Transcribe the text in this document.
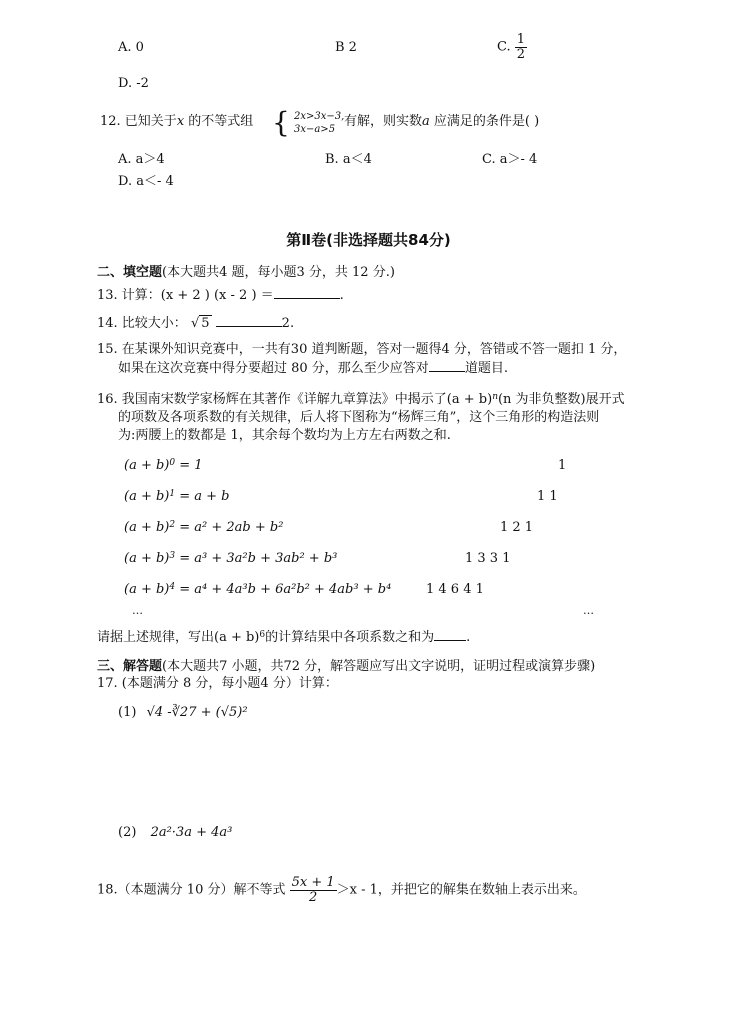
A. 0	B 2	C. $\frac{1}{2}$
D. -2
12. 已知关于x 的不等式组 { 2x>3x−3,
3x−a>5
有解，则实数a 应满足的条件是( )
A. a＞4	B. a＜4	C. a＞- 4
D. a＜- 4
第Ⅱ卷(非选择题共84分)
二、填空题(本大题共4 题，每小题3 分，共 12 分.)
13. 计算：(x + 2 ) (x - 2 ) ＝	.
14. 比较大小： √ 5	2.
15. 在某课外知识竞赛中，一共有30 道判断题，答对一题得4 分，答错或不答一题扣 1 分，
如果在这次竞赛中得分要超过 80 分，那么至少应答对	道题目.
16. 我国南宋数学家杨辉在其著作《详解九章算法》中揭示了$(a + b)^n(n$ 为非负整数)展开式
的项数及各项系数的有关规律，后人将下图称为“杨辉三角”，这个三角形的构造法则
为:两腰上的数都是 1，其余每个数均为上方左右两数之和.
$(a + b)^0 = 1$	1
$(a + b)^1 = a + b$	1 1
$(a + b)^2 = a^2 + 2ab + b^2$	1 2 1
$(a + b)^3 = a^3 + 3a^2b + 3ab^2 + b^3$	1 3 3 1
$(a + b)^4 = a^4 + 4a^3b + 6a^2b^2 + 4ab^3 + b^4$	1 4 6 4 1
…	…
请据上述规律，写出$(a + b)^6$的计算结果中各项系数之和为 .
三、解答题(本大题共7 小题，共72 分，解答题应写出文字说明，证明过程或演算步骤)
17. (本题满分 8 分，每小题4 分）计算：
(1) √4 -∛27 + (√5)²
(2) 2a²·3a + 4a³
18.（本题满分 10 分）解不等式 $\frac{5x + 1}{2} >x - 1$，并把它的解集在数轴上表示出来。
